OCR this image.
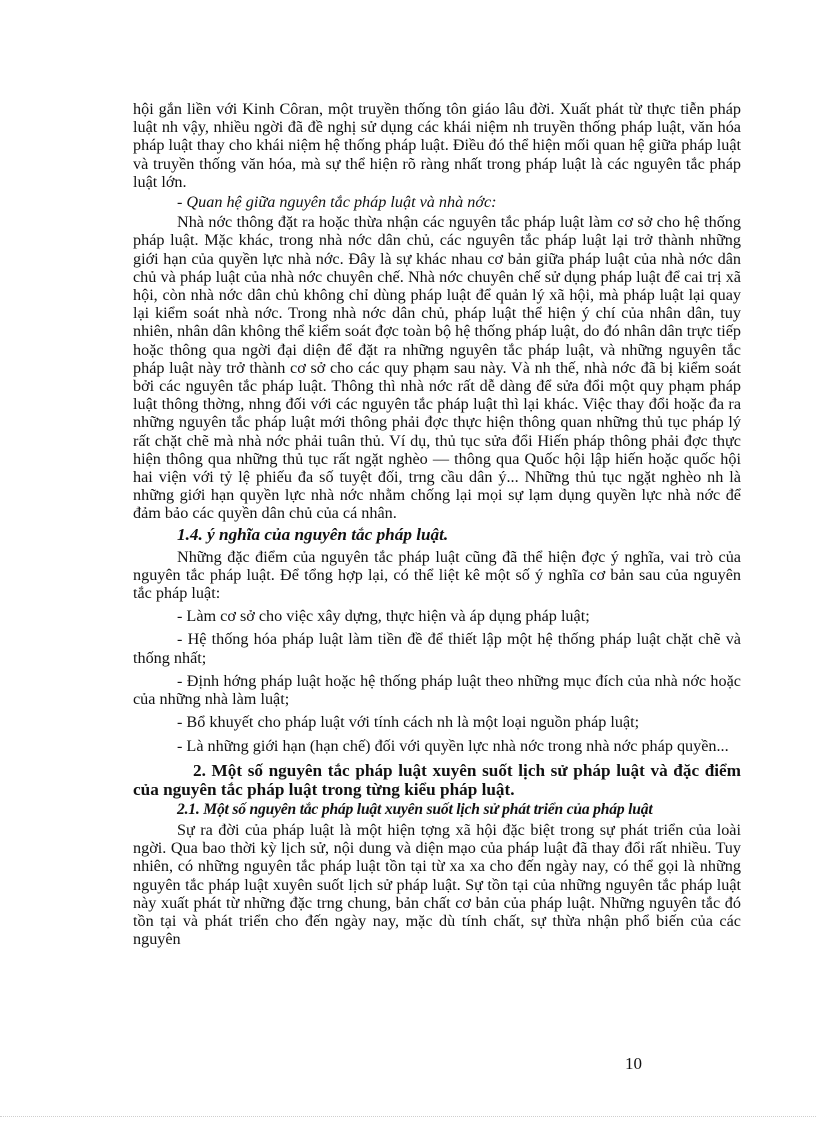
hội gắn liền với Kinh Côran, một truyền thống tôn giáo lâu đời. Xuất phát từ thực tiễn pháp luật nh vậy, nhiều ngời đã đề nghị sử dụng các khái niệm nh truyền thống pháp luật, văn hóa pháp luật thay cho khái niệm hệ thống pháp luật. Điều đó thể hiện mối quan hệ giữa pháp luật và truyền thống văn hóa, mà sự thể hiện rõ ràng nhất trong pháp luật là các nguyên tắc pháp luật lớn.

- Quan hệ giữa nguyên tắc pháp luật và nhà nớc:

Nhà nớc thông đặt ra hoặc thừa nhận các nguyên tắc pháp luật làm cơ sở cho hệ thống pháp luật. Mặc khác, trong nhà nớc dân chủ, các nguyên tắc pháp luật lại trở thành những giới hạn của quyền lực nhà nớc. Đây là sự khác nhau cơ bản giữa pháp luật của nhà nớc dân chủ và pháp luật của nhà nớc chuyên chế. Nhà nớc chuyên chế sử dụng pháp luật để cai trị xã hội, còn nhà nớc dân chủ không chỉ dùng pháp luật để quản lý xã hội, mà pháp luật lại quay lại kiểm soát nhà nớc. Trong nhà nớc dân chủ, pháp luật thể hiện ý chí của nhân dân, tuy nhiên, nhân dân không thể kiểm soát đợc toàn bộ hệ thống pháp luật, do đó nhân dân trực tiếp hoặc thông qua ngời đại diện để đặt ra những nguyên tắc pháp luật, và những nguyên tắc pháp luật này trở thành cơ sở cho các quy phạm sau này. Và nh thế, nhà nớc đã bị kiểm soát bởi các nguyên tắc pháp luật. Thông thì nhà nớc rất dễ dàng để sửa đổi một quy phạm pháp luật thông thờng, nhng đối với các nguyên tắc pháp luật thì lại khác. Việc thay đổi hoặc đa ra những nguyên tắc pháp luật mới thông phải đợc thực hiện thông quan những thủ tục pháp lý rất chặt chẽ mà nhà nớc phải tuân thủ. Ví dụ, thủ tục sửa đổi Hiến pháp thông phải đợc thực hiện thông qua những thủ tục rất ngặt nghèo — thông qua Quốc hội lập hiến hoặc quốc hội hai viện với tỷ lệ phiếu đa số tuyệt đối, trng cầu dân ý... Những thủ tục ngặt nghèo nh là những giới hạn quyền lực nhà nớc nhằm chống lại mọi sự lạm dụng quyền lực nhà nớc để đảm bảo các quyền dân chủ của cá nhân.

1.4. ý nghĩa của nguyên tắc pháp luật.

Những đặc điểm của nguyên tắc pháp luật cũng đã thể hiện đợc ý nghĩa, vai trò của nguyên tắc pháp luật. Để tổng hợp lại, có thể liệt kê một số ý nghĩa cơ bản sau của nguyên tắc pháp luật:

- Làm cơ sở cho việc xây dựng, thực hiện và áp dụng pháp luật;

- Hệ thống hóa pháp luật làm tiền đề để thiết lập một hệ thống pháp luật chặt chẽ và thống nhất;

- Định hớng pháp luật hoặc hệ thống pháp luật theo những mục đích của nhà nớc hoặc của những nhà làm luật;

- Bổ khuyết cho pháp luật với tính cách nh là một loại nguồn pháp luật;

- Là những giới hạn (hạn chế) đối với quyền lực nhà nớc trong nhà nớc pháp quyền...

2. Một số nguyên tắc pháp luật xuyên suốt lịch sử pháp luật và đặc điểm của nguyên tắc pháp luật trong từng kiểu pháp luật.

2.1. Một số nguyên tắc pháp luật xuyên suốt lịch sử phát triển của pháp luật

Sự ra đời của pháp luật là một hiện tợng xã hội đặc biệt trong sự phát triển của loài ngời. Qua bao thời kỳ lịch sử, nội dung và diện mạo của pháp luật đã thay đổi rất nhiều. Tuy nhiên, có những nguyên tắc pháp luật tồn tại từ xa xa cho đến ngày nay, có thể gọi là những nguyên tắc pháp luật xuyên suốt lịch sử pháp luật. Sự tồn tại của những nguyên tắc pháp luật này xuất phát từ những đặc trng chung, bản chất cơ bản của pháp luật. Những nguyên tắc đó tồn tại và phát triển cho đến ngày nay, mặc dù tính chất, sự thừa nhận phổ biến của các nguyên

10
